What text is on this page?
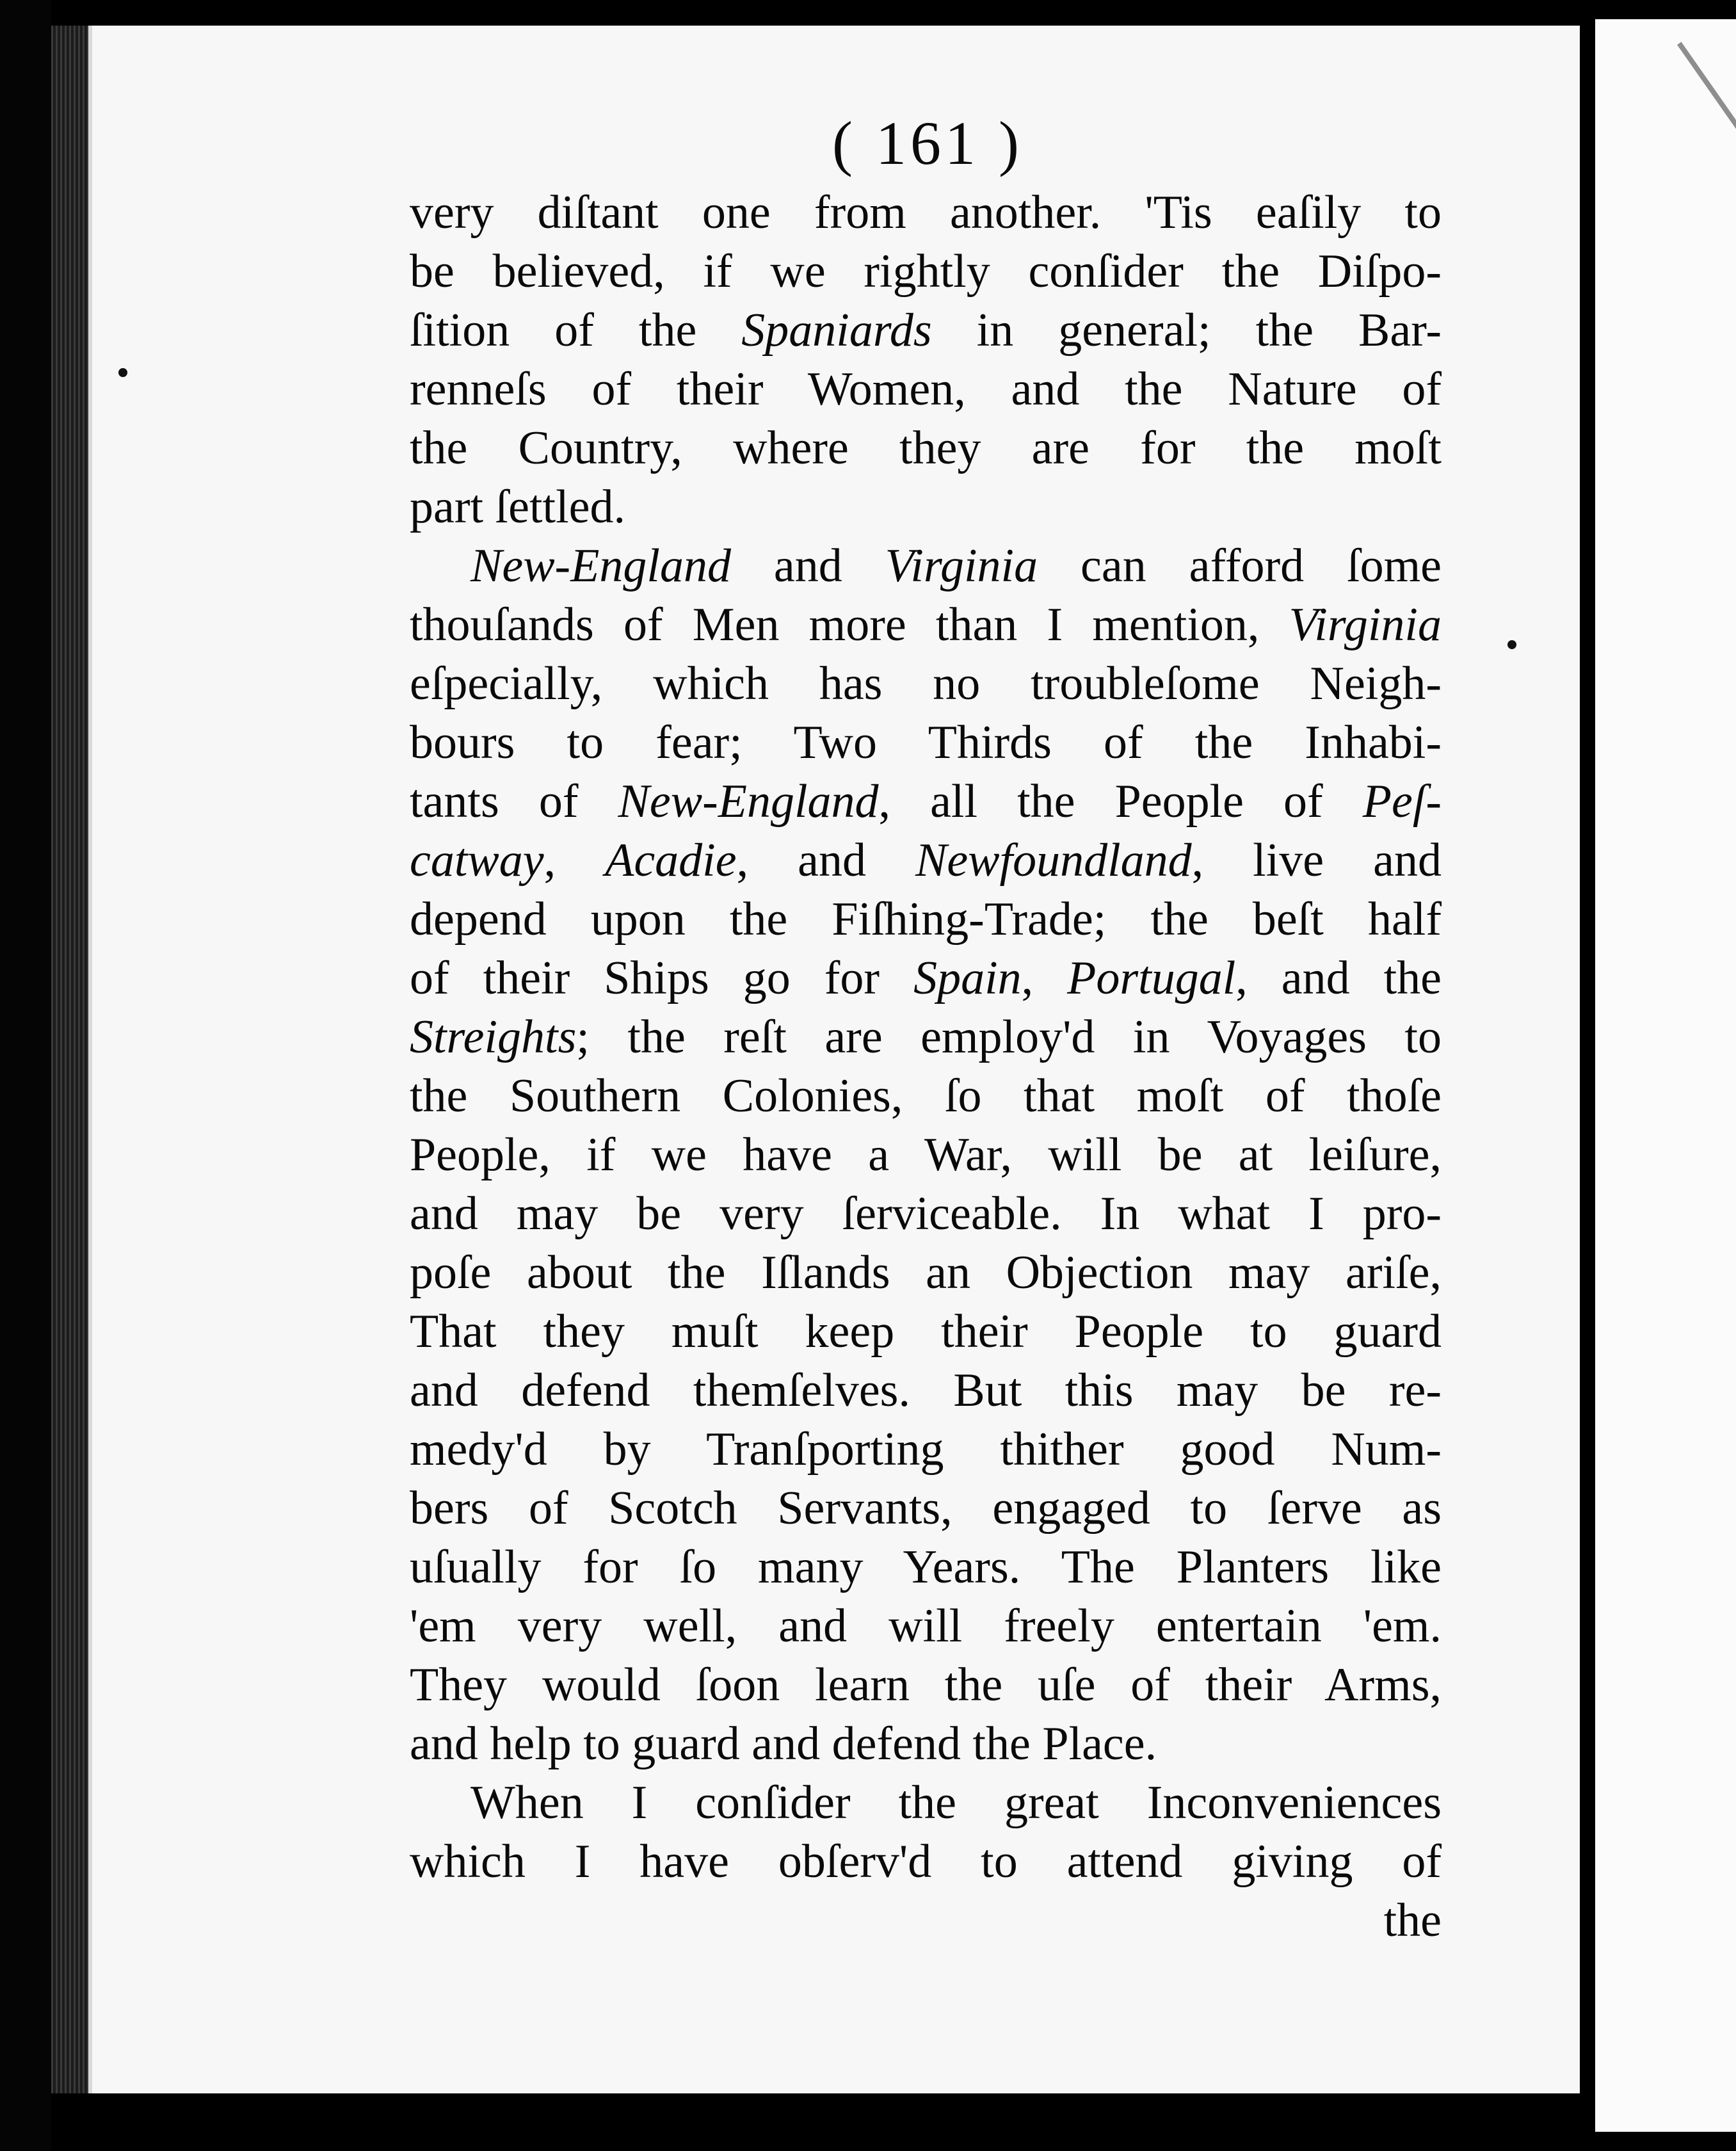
( 161 )
very diſtant one from another. 'Tis eaſily to
be believed, if we rightly conſider the Diſpo-
ſition of the Spaniards in general; the Bar-
renneſs of their Women, and the Nature of
the Country, where they are for the moſt
part ſettled.
New-England and Virginia can afford ſome
thouſands of Men more than I mention, Virginia
eſpecially, which has no troubleſome Neigh-
bours to fear; Two Thirds of the Inhabi-
tants of New-England, all the People of Peſ-
catway, Acadie, and Newfoundland, live and
depend upon the Fiſhing-Trade; the beſt half
of their Ships go for Spain, Portugal, and the
Streights; the reſt are employ'd in Voyages to
the Southern Colonies, ſo that moſt of thoſe
People, if we have a War, will be at leiſure,
and may be very ſerviceable. In what I pro-
poſe about the Iſlands an Objection may ariſe,
That they muſt keep their People to guard
and defend themſelves. But this may be re-
medy'd by Tranſporting thither good Num-
bers of Scotch Servants, engaged to ſerve as
uſually for ſo many Years. The Planters like
'em very well, and will freely entertain 'em.
They would ſoon learn the uſe of their Arms,
and help to guard and defend the Place.
When I conſider the great Inconveniences
which I have obſerv'd to attend giving of
the
